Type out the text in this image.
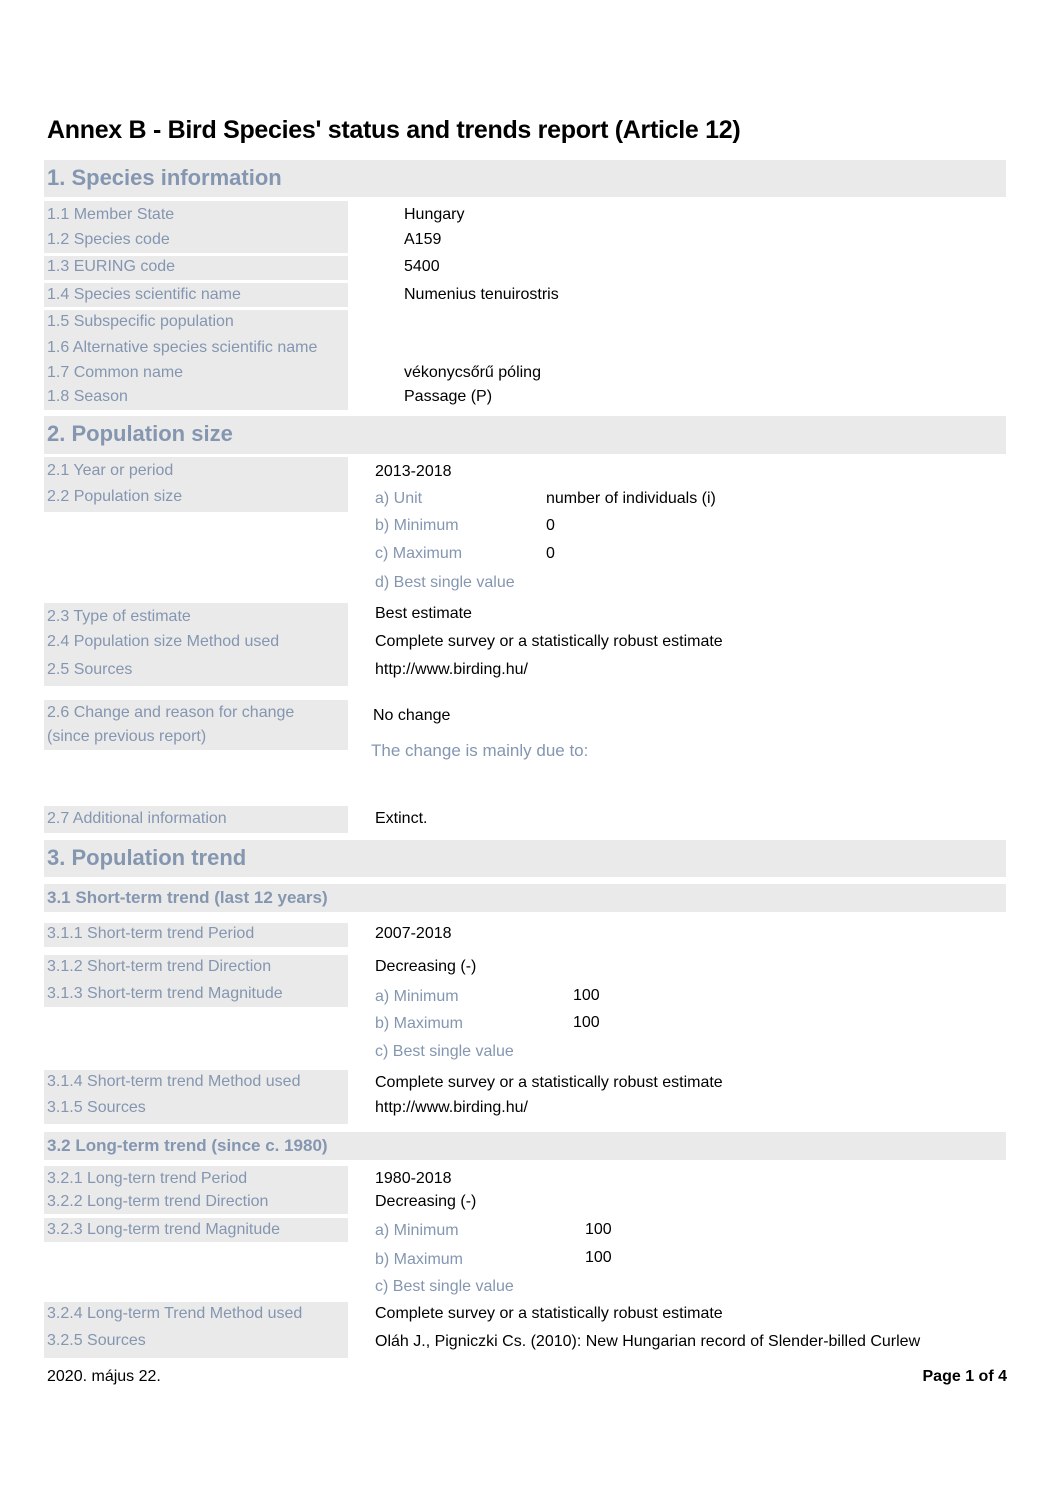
Annex B - Bird Species' status and trends report (Article 12)
1. Species information
1.1 Member State	Hungary
1.2 Species code	A159
1.3 EURING code	5400
1.4 Species scientific name	Numenius tenuirostris
1.5 Subspecific population
1.6 Alternative species scientific name
1.7 Common name	vékonycsőrű póling
1.8 Season	Passage (P)
2. Population size
2.1 Year or period	2013-2018
2.2 Population size	a) Unit	number of individuals (i)
b) Minimum	0
c) Maximum	0
d) Best single value
2.3 Type of estimate	Best estimate
2.4 Population size Method used	Complete survey or a statistically robust estimate
2.5 Sources	http://www.birding.hu/
2.6 Change and reason for change
(since previous report)
No change
The change is mainly due to:
2.7 Additional information	Extinct.
3. Population trend
3.1 Short-term trend (last 12 years)
3.1.1 Short-term trend Period	2007-2018
3.1.2 Short-term trend Direction	Decreasing (-)
3.1.3 Short-term trend Magnitude	a) Minimum	100
b) Maximum	100
c) Best single value
3.1.4 Short-term trend Method used	Complete survey or a statistically robust estimate
3.1.5 Sources	http://www.birding.hu/
3.2 Long-term trend (since c. 1980)
3.2.1 Long-tern trend Period	1980-2018
3.2.2 Long-term trend Direction	Decreasing (-)
3.2.3 Long-term trend Magnitude	a) Minimum	100
b) Maximum	100
c) Best single value
3.2.4 Long-term Trend Method used	Complete survey or a statistically robust estimate
3.2.5 Sources	Oláh J., Pigniczki Cs. (2010): New Hungarian record of Slender-billed Curlew
2020. május 22.	Page 1 of 4
